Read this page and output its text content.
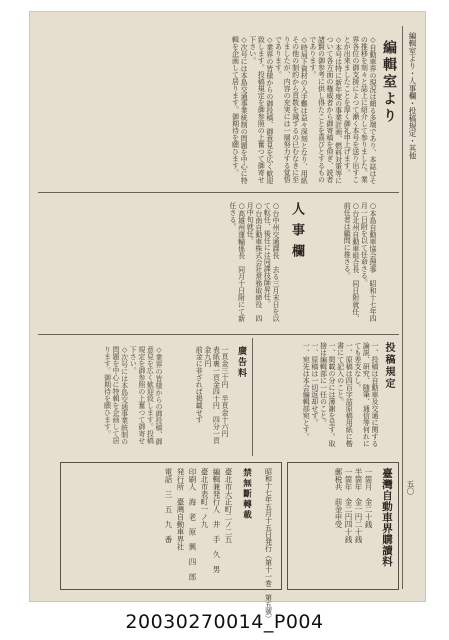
編輯室より・人事欄・投稿規定・其他
五〇
編輯室より

◇自動車界の現況は頗る多端であり、本誌はその推移を刻々と誌上に紹介して参りました。業界各位の御支援によつて漸く本号を送り出すことが出来ましたことを厚く御礼申上げます。

◇本号は特に新年度の事業計画、燃料対策等について各方面の権威者から御寄稿を仰ぎ、読者諸賢の御参考に供し得たことを喜びとするものであります。

◇時局下資材の入手難は益々深刻となり、用紙その他の制約から頁数を減ずるの已むなきに至りましたが、内容の充実には一層努力する覚悟であります。

◇業界の皆様からの御投稿、御意見を広く歓迎致します。投稿規定を御参照の上奮つて御寄せ下さい。

◇次号には本島交通事業統制の問題を中心に特輯を企画して居ります。御期待を願ひます。

人事欄	○本島自動車協会理事　昭和十七年四月一日附を以て任命さる。

○台北州自動車組合長　同日附就任、前任者は顧問に推さる。

○台中州交通課長　去る三月末日を以て転任、後任には同課技師昇任。

○台南自動車株式会社常務取締役　四月中旬就任。

○高雄州運輸係長　同月十日附にて新任さる。

投稿規定

一、投稿は自動車及交通に関する論説、研究、随筆、通信等何れにても差支なし。

一、原稿は四百字詰原稿用紙に楷書にて記入のこと。

一、掲載の分には薄謝を呈す。取捨は編輯部に一任のこと。

一、原稿は一切返却せず。

一、宛先は本会編輯部宛とす。

廣告料

一頁金三十円　半頁金十六円

表紙裏一頁金四十円　四分一頁金九円

前金に非ざれば掲載せず

◇業界の皆様からの御投稿、御意見を広く歓迎致します。投稿規定を御参照の上奮つて御寄せ下さい。

◇次号には本島交通事業統制の問題を中心に特輯を企画して居ります。御期待を願ひます。

臺灣自動車界購讀料

一箇月　金二十銭

半箇年　金一円二十銭

一箇年　金二円四十銭

郵税共　前金申受

昭和十七年五月十五日発行（第十一巻　第五號）
禁無斷轉載

臺北市大正町二ノ二五

編輯兼発行人　井　手　久　男

臺北市表町一ノ九

印刷人　海　老　原　興　四　郎

発行所　臺灣自動車界社

電話　三　五　九　番

20030270014_P004
